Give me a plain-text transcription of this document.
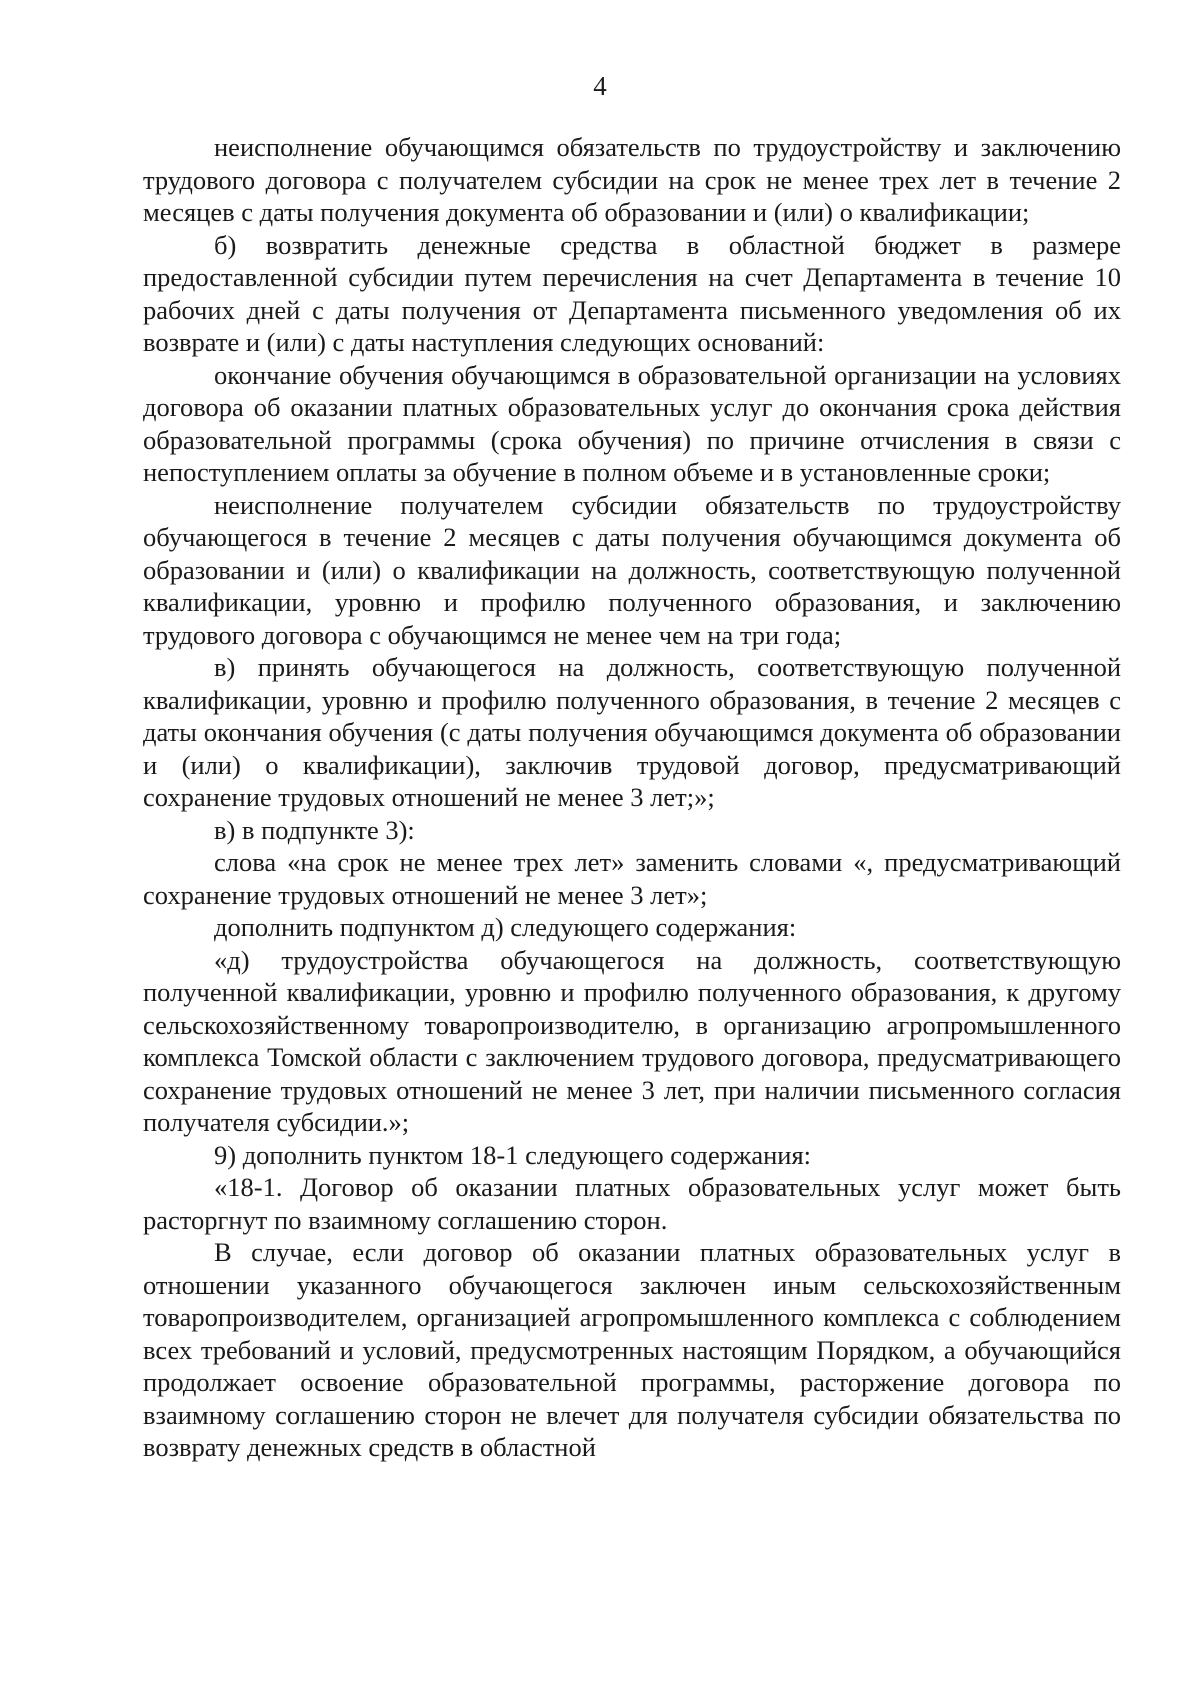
4

неисполнение обучающимся обязательств по трудоустройству и заключению трудового договора с получателем субсидии на срок не менее трех лет в течение 2 месяцев с даты получения документа об образовании и (или) о квалификации;

б) возвратить денежные средства в областной бюджет в размере предоставленной субсидии путем перечисления на счет Департамента в течение 10 рабочих дней с даты получения от Департамента письменного уведомления об их возврате и (или) с даты наступления следующих оснований:

окончание обучения обучающимся в образовательной организации на условиях договора об оказании платных образовательных услуг до окончания срока действия образовательной программы (срока обучения) по причине отчисления в связи с непоступлением оплаты за обучение в полном объеме и в установленные сроки;

неисполнение получателем субсидии обязательств по трудоустройству обучающегося в течение 2 месяцев с даты получения обучающимся документа об образовании и (или) о квалификации на должность, соответствующую полученной квалификации, уровню и профилю полученного образования, и заключению трудового договора с обучающимся не менее чем на три года;

в) принять обучающегося на должность, соответствующую полученной квалификации, уровню и профилю полученного образования, в течение 2 месяцев с даты окончания обучения (с даты получения обучающимся документа об образовании и (или) о квалификации), заключив трудовой договор, предусматривающий сохранение трудовых отношений не менее 3 лет;»;

в) в подпункте 3):

слова «на срок не менее трех лет» заменить словами «, предусматривающий сохранение трудовых отношений не менее 3 лет»;

дополнить подпунктом д) следующего содержания:

«д) трудоустройства обучающегося на должность, соответствующую полученной квалификации, уровню и профилю полученного образования, к другому сельскохозяйственному товаропроизводителю, в организацию агропромышленного комплекса Томской области с заключением трудового договора, предусматривающего сохранение трудовых отношений не менее 3 лет, при наличии письменного согласия получателя субсидии.»;

9) дополнить пунктом 18-1 следующего содержания:

«18-1. Договор об оказании платных образовательных услуг может быть расторгнут по взаимному соглашению сторон.

В случае, если договор об оказании платных образовательных услуг в отношении указанного обучающегося заключен иным сельскохозяйственным товаропроизводителем, организацией агропромышленного комплекса с соблюдением всех требований и условий, предусмотренных настоящим Порядком, а обучающийся продолжает освоение образовательной программы, расторжение договора по взаимному соглашению сторон не влечет для получателя субсидии обязательства по возврату денежных средств в областной
